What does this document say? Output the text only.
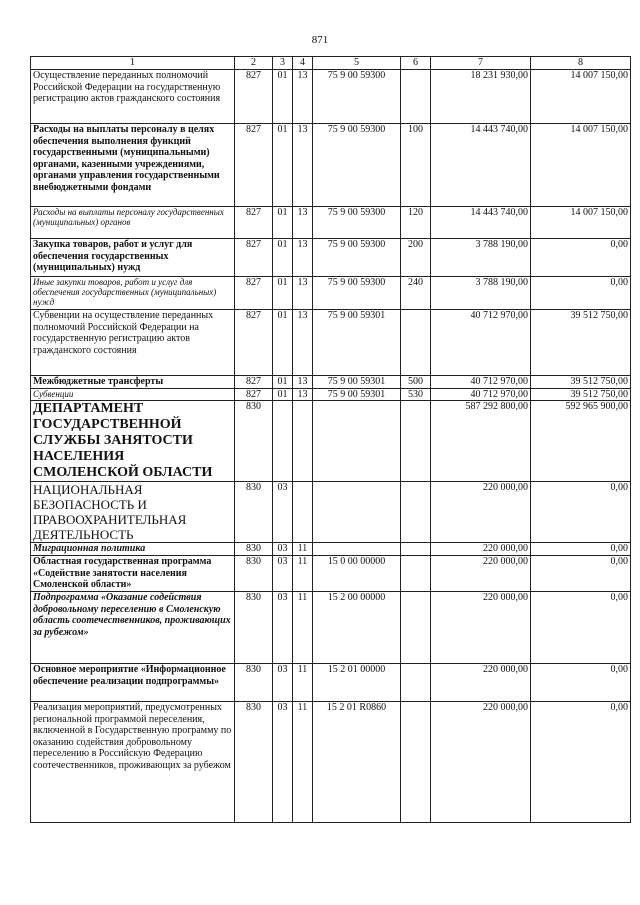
871
1	2	3	4	5	6	7	8
Осуществление переданных полномочий Российской Федерации на государственную регистрацию актов гражданского состояния	827	01	13	75 9 00 59300		18 231 930,00	14 007 150,00
Расходы на выплаты персоналу в целях обеспечения выполнения функций государственными (муниципальными) органами, казенными учреждениями, органами управления государственными внебюджетными фондами	827	01	13	75 9 00 59300	100	14 443 740,00	14 007 150,00
Расходы на выплаты персоналу государственных (муниципальных) органов	827	01	13	75 9 00 59300	120	14 443 740,00	14 007 150,00
Закупка товаров, работ и услуг для обеспечения государственных (муниципальных) нужд	827	01	13	75 9 00 59300	200	3 788 190,00	0,00
Иные закупки товаров, работ и услуг для обеспечения государственных (муниципальных) нужд	827	01	13	75 9 00 59300	240	3 788 190,00	0,00
Субвенции на осуществление переданных полномочий Российской Федерации на государственную регистрацию актов гражданского состояния	827	01	13	75 9 00 59301		40 712 970,00	39 512 750,00
Межбюджетные трансферты	827	01	13	75 9 00 59301	500	40 712 970,00	39 512 750,00
Субвенции	827	01	13	75 9 00 59301	530	40 712 970,00	39 512 750,00
ДЕПАРТАМЕНТ ГОСУДАРСТВЕННОЙ СЛУЖБЫ ЗАНЯТОСТИ НАСЕЛЕНИЯ СМОЛЕНСКОЙ ОБЛАСТИ	830					587 292 800,00	592 965 900,00
НАЦИОНАЛЬНАЯ БЕЗОПАСНОСТЬ И ПРАВООХРАНИТЕЛЬНАЯ ДЕЯТЕЛЬНОСТЬ	830	03				220 000,00	0,00
Миграционная политика	830	03	11			220 000,00	0,00
Областная государственная программа «Содействие занятости населения Смоленской области»	830	03	11	15 0 00 00000		220 000,00	0,00
Подпрограмма «Оказание содействия добровольному переселению в Смоленскую область соотечественников, проживающих за рубежом»	830	03	11	15 2 00 00000		220 000,00	0,00
Основное мероприятие «Информационное обеспечение реализации подпрограммы»	830	03	11	15 2 01 00000		220 000,00	0,00
Реализация мероприятий, предусмотренных региональной программой переселения, включенной в Государственную программу по оказанию содействия добровольному переселению в Российскую Федерацию соотечественников, проживающих за рубежом	830	03	11	15 2 01 R0860		220 000,00	0,00
